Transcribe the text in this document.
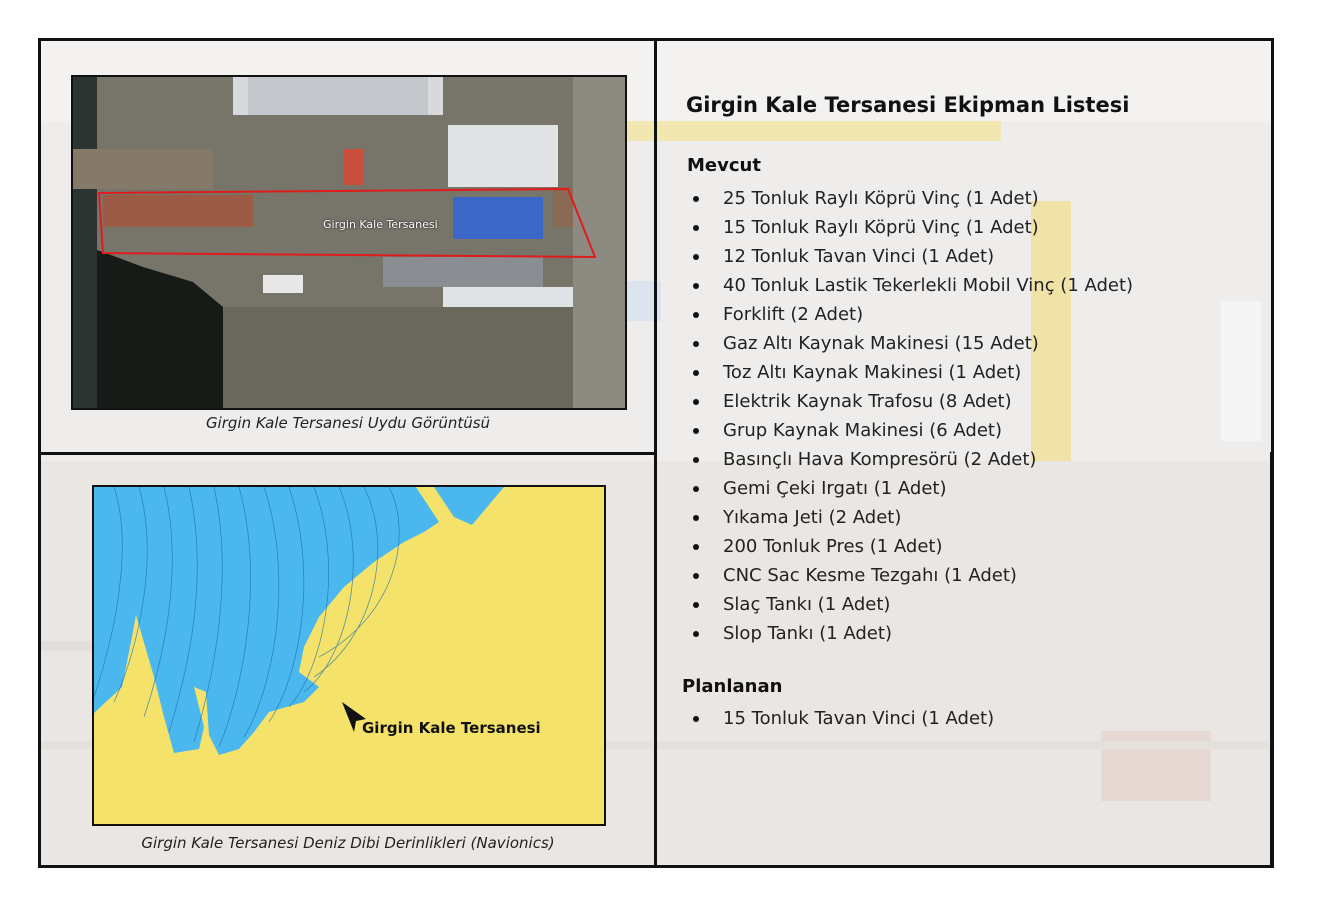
Girgin Kale Tersanesi
Girgin Kale Tersanesi Uydu Görüntüsü
Girgin Kale Tersanesi
Girgin Kale Tersanesi Deniz Dibi Derinlikleri (Navionics)
Girgin Kale Tersanesi Ekipman Listesi
Mevcut
25 Tonluk Raylı Köprü Vinç (1 Adet)
15 Tonluk Raylı Köprü Vinç (1 Adet)
12 Tonluk Tavan Vinci (1 Adet)
40 Tonluk Lastik Tekerlekli Mobil Vinç (1 Adet)
Forklift (2 Adet)
Gaz Altı Kaynak Makinesi (15 Adet)
Toz Altı Kaynak Makinesi (1 Adet)
Elektrik Kaynak Trafosu (8 Adet)
Grup Kaynak Makinesi (6 Adet)
Basınçlı Hava Kompresörü (2 Adet)
Gemi Çeki Irgatı (1 Adet)
Yıkama Jeti (2 Adet)
200 Tonluk Pres (1 Adet)
CNC Sac Kesme Tezgahı (1 Adet)
Slaç Tankı (1 Adet)
Slop Tankı (1 Adet)
Planlanan
15 Tonluk Tavan Vinci (1 Adet)
